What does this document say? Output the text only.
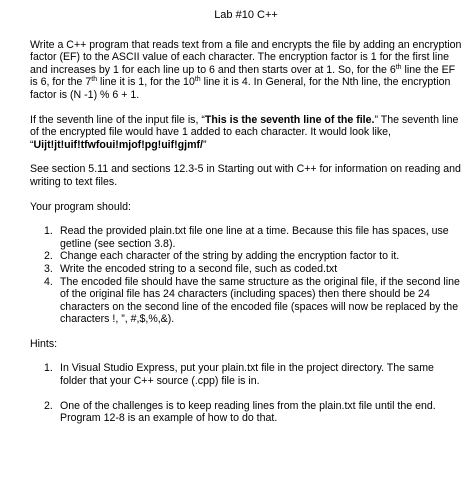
Lab #10 C++

Write a C++ program that reads text from a file and encrypts the file by adding an encryption factor (EF) to the ASCII value of each character. The encryption factor is 1 for the first line and increases by 1 for each line up to 6 and then starts over at 1. So, for the 6th line the EF is 6, for the 7th line it is 1, for the 10th line it is 4. In General, for the Nth line, the encryption factor is (N -1) % 6 + 1.

If the seventh line of the input file is, “This is the seventh line of the file.” The seventh line of the encrypted file would have 1 added to each character. It would look like, “Uijt!jt!uif!tfwfoui!mjof!pg!uif!gjmf/”

See section 5.11 and sections 12.3-5 in Starting out with C++ for information on reading and writing to text files.

Your program should:

1. Read the provided plain.txt file one line at a time. Because this file has spaces, use getline (see section 3.8).
2. Change each character of the string by adding the encryption factor to it.
3. Write the encoded string to a second file, such as coded.txt
4. The encoded file should have the same structure as the original file, if the second line of the original file has 24 characters (including spaces) then there should be 24 characters on the second line of the encoded file (spaces will now be replaced by the characters !, ”, #,$,%,&).

Hints:

1. In Visual Studio Express, put your plain.txt file in the project directory. The same folder that your C++ source (.cpp) file is in.
2. One of the challenges is to keep reading lines from the plain.txt file until the end. Program 12-8 is an example of how to do that.
